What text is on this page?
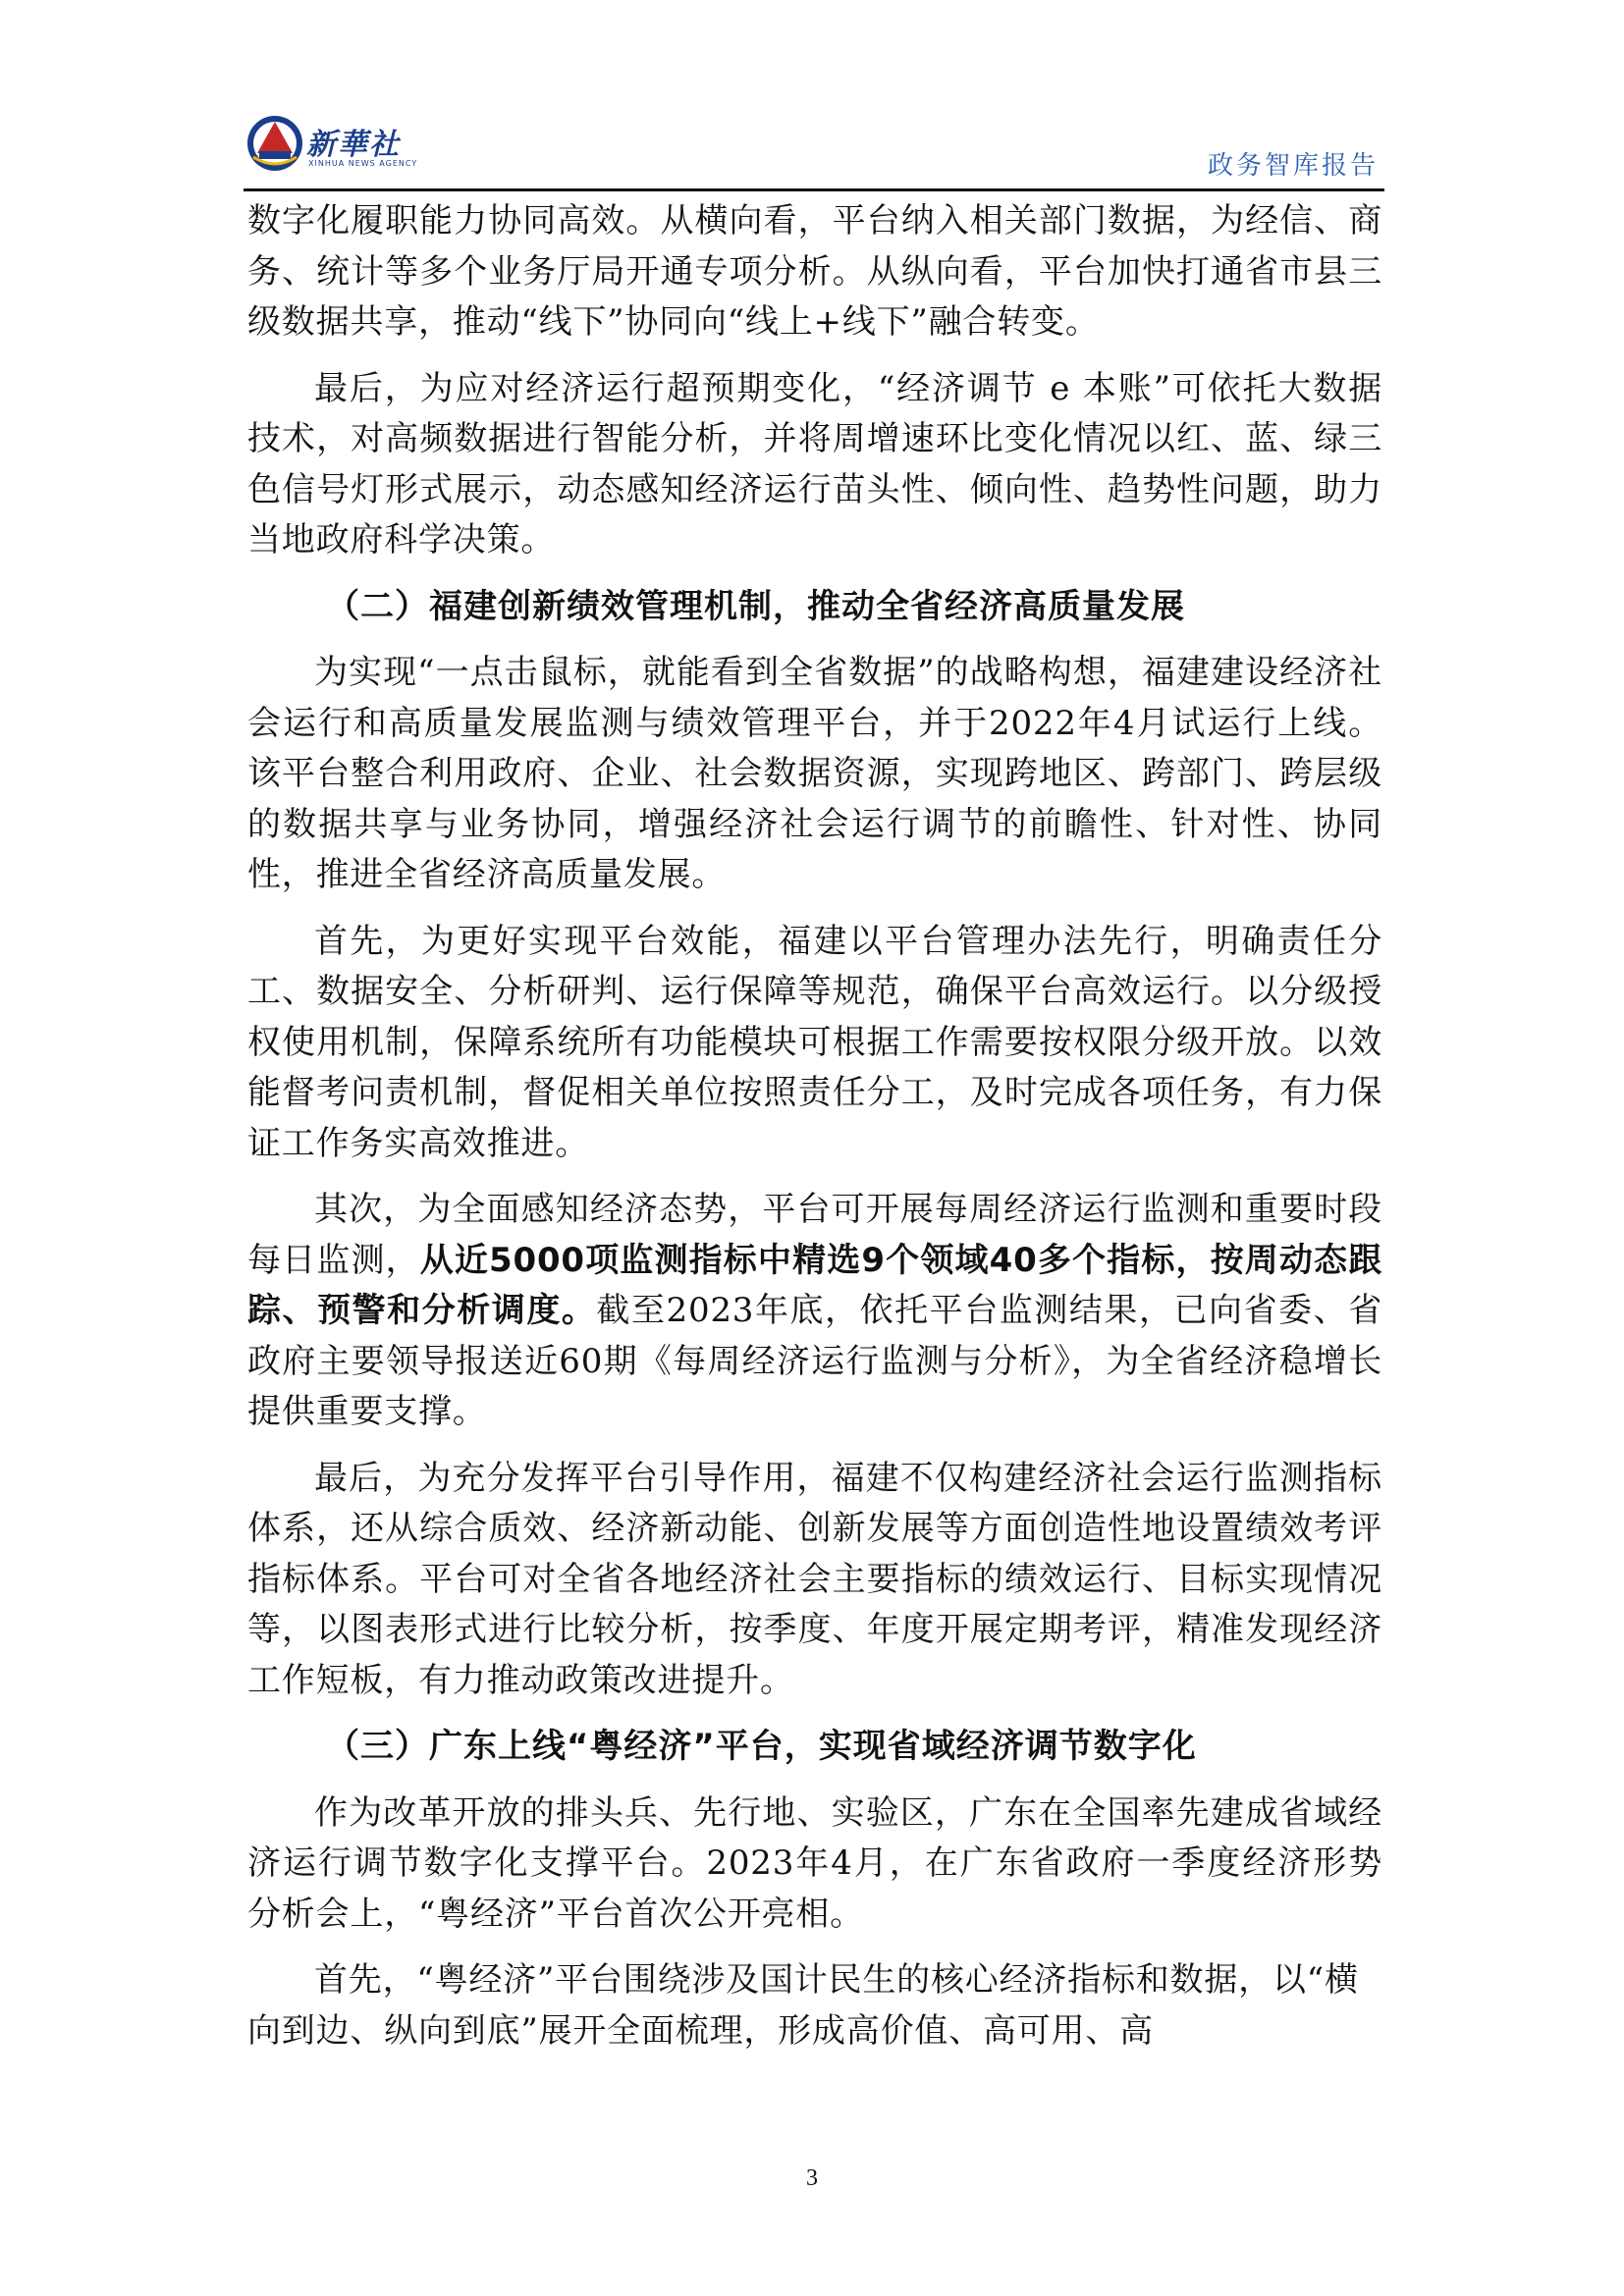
新華社
XINHUA NEWS AGENCY	政务智库报告

数字化履职能力协同高效。从横向看，平台纳入相关部门数据，为经信、商务、统计等多个业务厅局开通专项分析。从纵向看，平台加快打通省市县三级数据共享，推动“线下”协同向“线上+线下”融合转变。

最后，为应对经济运行超预期变化，“经济调节 e 本账”可依托大数据技术，对高频数据进行智能分析，并将周增速环比变化情况以红、蓝、绿三色信号灯形式展示，动态感知经济运行苗头性、倾向性、趋势性问题，助力当地政府科学决策。

（二）福建创新绩效管理机制，推动全省经济高质量发展

为实现“一点击鼠标，就能看到全省数据”的战略构想，福建建设经济社会运行和高质量发展监测与绩效管理平台，并于2022年4月试运行上线。该平台整合利用政府、企业、社会数据资源，实现跨地区、跨部门、跨层级的数据共享与业务协同，增强经济社会运行调节的前瞻性、针对性、协同性，推进全省经济高质量发展。

首先，为更好实现平台效能，福建以平台管理办法先行，明确责任分工、数据安全、分析研判、运行保障等规范，确保平台高效运行。以分级授权使用机制，保障系统所有功能模块可根据工作需要按权限分级开放。以效能督考问责机制，督促相关单位按照责任分工，及时完成各项任务，有力保证工作务实高效推进。

其次，为全面感知经济态势，平台可开展每周经济运行监测和重要时段每日监测，从近5000项监测指标中精选9个领域40多个指标，按周动态跟踪、预警和分析调度。截至2023年底，依托平台监测结果，已向省委、省政府主要领导报送近60期《每周经济运行监测与分析》，为全省经济稳增长提供重要支撑。

最后，为充分发挥平台引导作用，福建不仅构建经济社会运行监测指标体系，还从综合质效、经济新动能、创新发展等方面创造性地设置绩效考评指标体系。平台可对全省各地经济社会主要指标的绩效运行、目标实现情况等，以图表形式进行比较分析，按季度、年度开展定期考评，精准发现经济工作短板，有力推动政策改进提升。

（三）广东上线“粤经济”平台，实现省域经济调节数字化

作为改革开放的排头兵、先行地、实验区，广东在全国率先建成省域经济运行调节数字化支撑平台。2023年4月，在广东省政府一季度经济形势分析会上，“粤经济”平台首次公开亮相。

首先，“粤经济”平台围绕涉及国计民生的核心经济指标和数据，以“横向到边、纵向到底”展开全面梳理，形成高价值、高可用、高

3
